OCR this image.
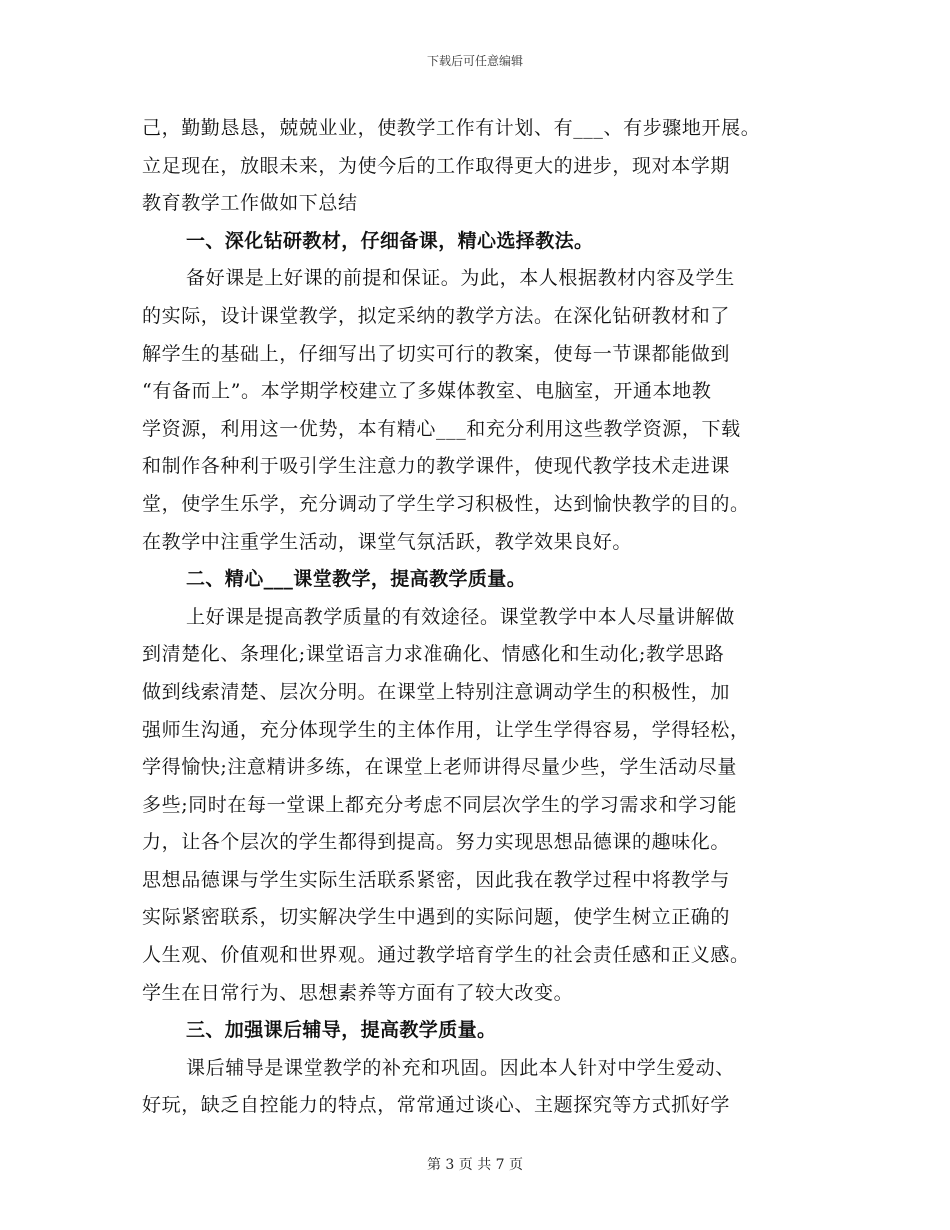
下载后可任意编辑
己，勤勤恳恳，兢兢业业，使教学工作有计划、有___、有步骤地开展。
立足现在，放眼未来，为使今后的工作取得更大的进步，现对本学期
教育教学工作做如下总结
一、深化钻研教材，仔细备课，精心选择教法。
备好课是上好课的前提和保证。为此，本人根据教材内容及学生
的实际，设计课堂教学，拟定采纳的教学方法。在深化钻研教材和了
解学生的基础上，仔细写出了切实可行的教案，使每一节课都能做到
“有备而上”。本学期学校建立了多媒体教室、电脑室，开通本地教
学资源，利用这一优势，本有精心___和充分利用这些教学资源，下载
和制作各种利于吸引学生注意力的教学课件，使现代教学技术走进课
堂，使学生乐学，充分调动了学生学习积极性，达到愉快教学的目的。
在教学中注重学生活动，课堂气氛活跃，教学效果良好。
二、精心___课堂教学，提高教学质量。
上好课是提高教学质量的有效途径。课堂教学中本人尽量讲解做
到清楚化、条理化;课堂语言力求准确化、情感化和生动化;教学思路
做到线索清楚、层次分明。在课堂上特别注意调动学生的积极性，加
强师生沟通，充分体现学生的主体作用，让学生学得容易，学得轻松，
学得愉快;注意精讲多练，在课堂上老师讲得尽量少些，学生活动尽量
多些;同时在每一堂课上都充分考虑不同层次学生的学习需求和学习能
力，让各个层次的学生都得到提高。努力实现思想品德课的趣味化。
思想品德课与学生实际生活联系紧密，因此我在教学过程中将教学与
实际紧密联系，切实解决学生中遇到的实际问题，使学生树立正确的
人生观、价值观和世界观。通过教学培育学生的社会责任感和正义感。
学生在日常行为、思想素养等方面有了较大改变。
三、加强课后辅导，提高教学质量。
课后辅导是课堂教学的补充和巩固。因此本人针对中学生爱动、
好玩，缺乏自控能力的特点，常常通过谈心、主题探究等方式抓好学
第 3 页 共 7 页
